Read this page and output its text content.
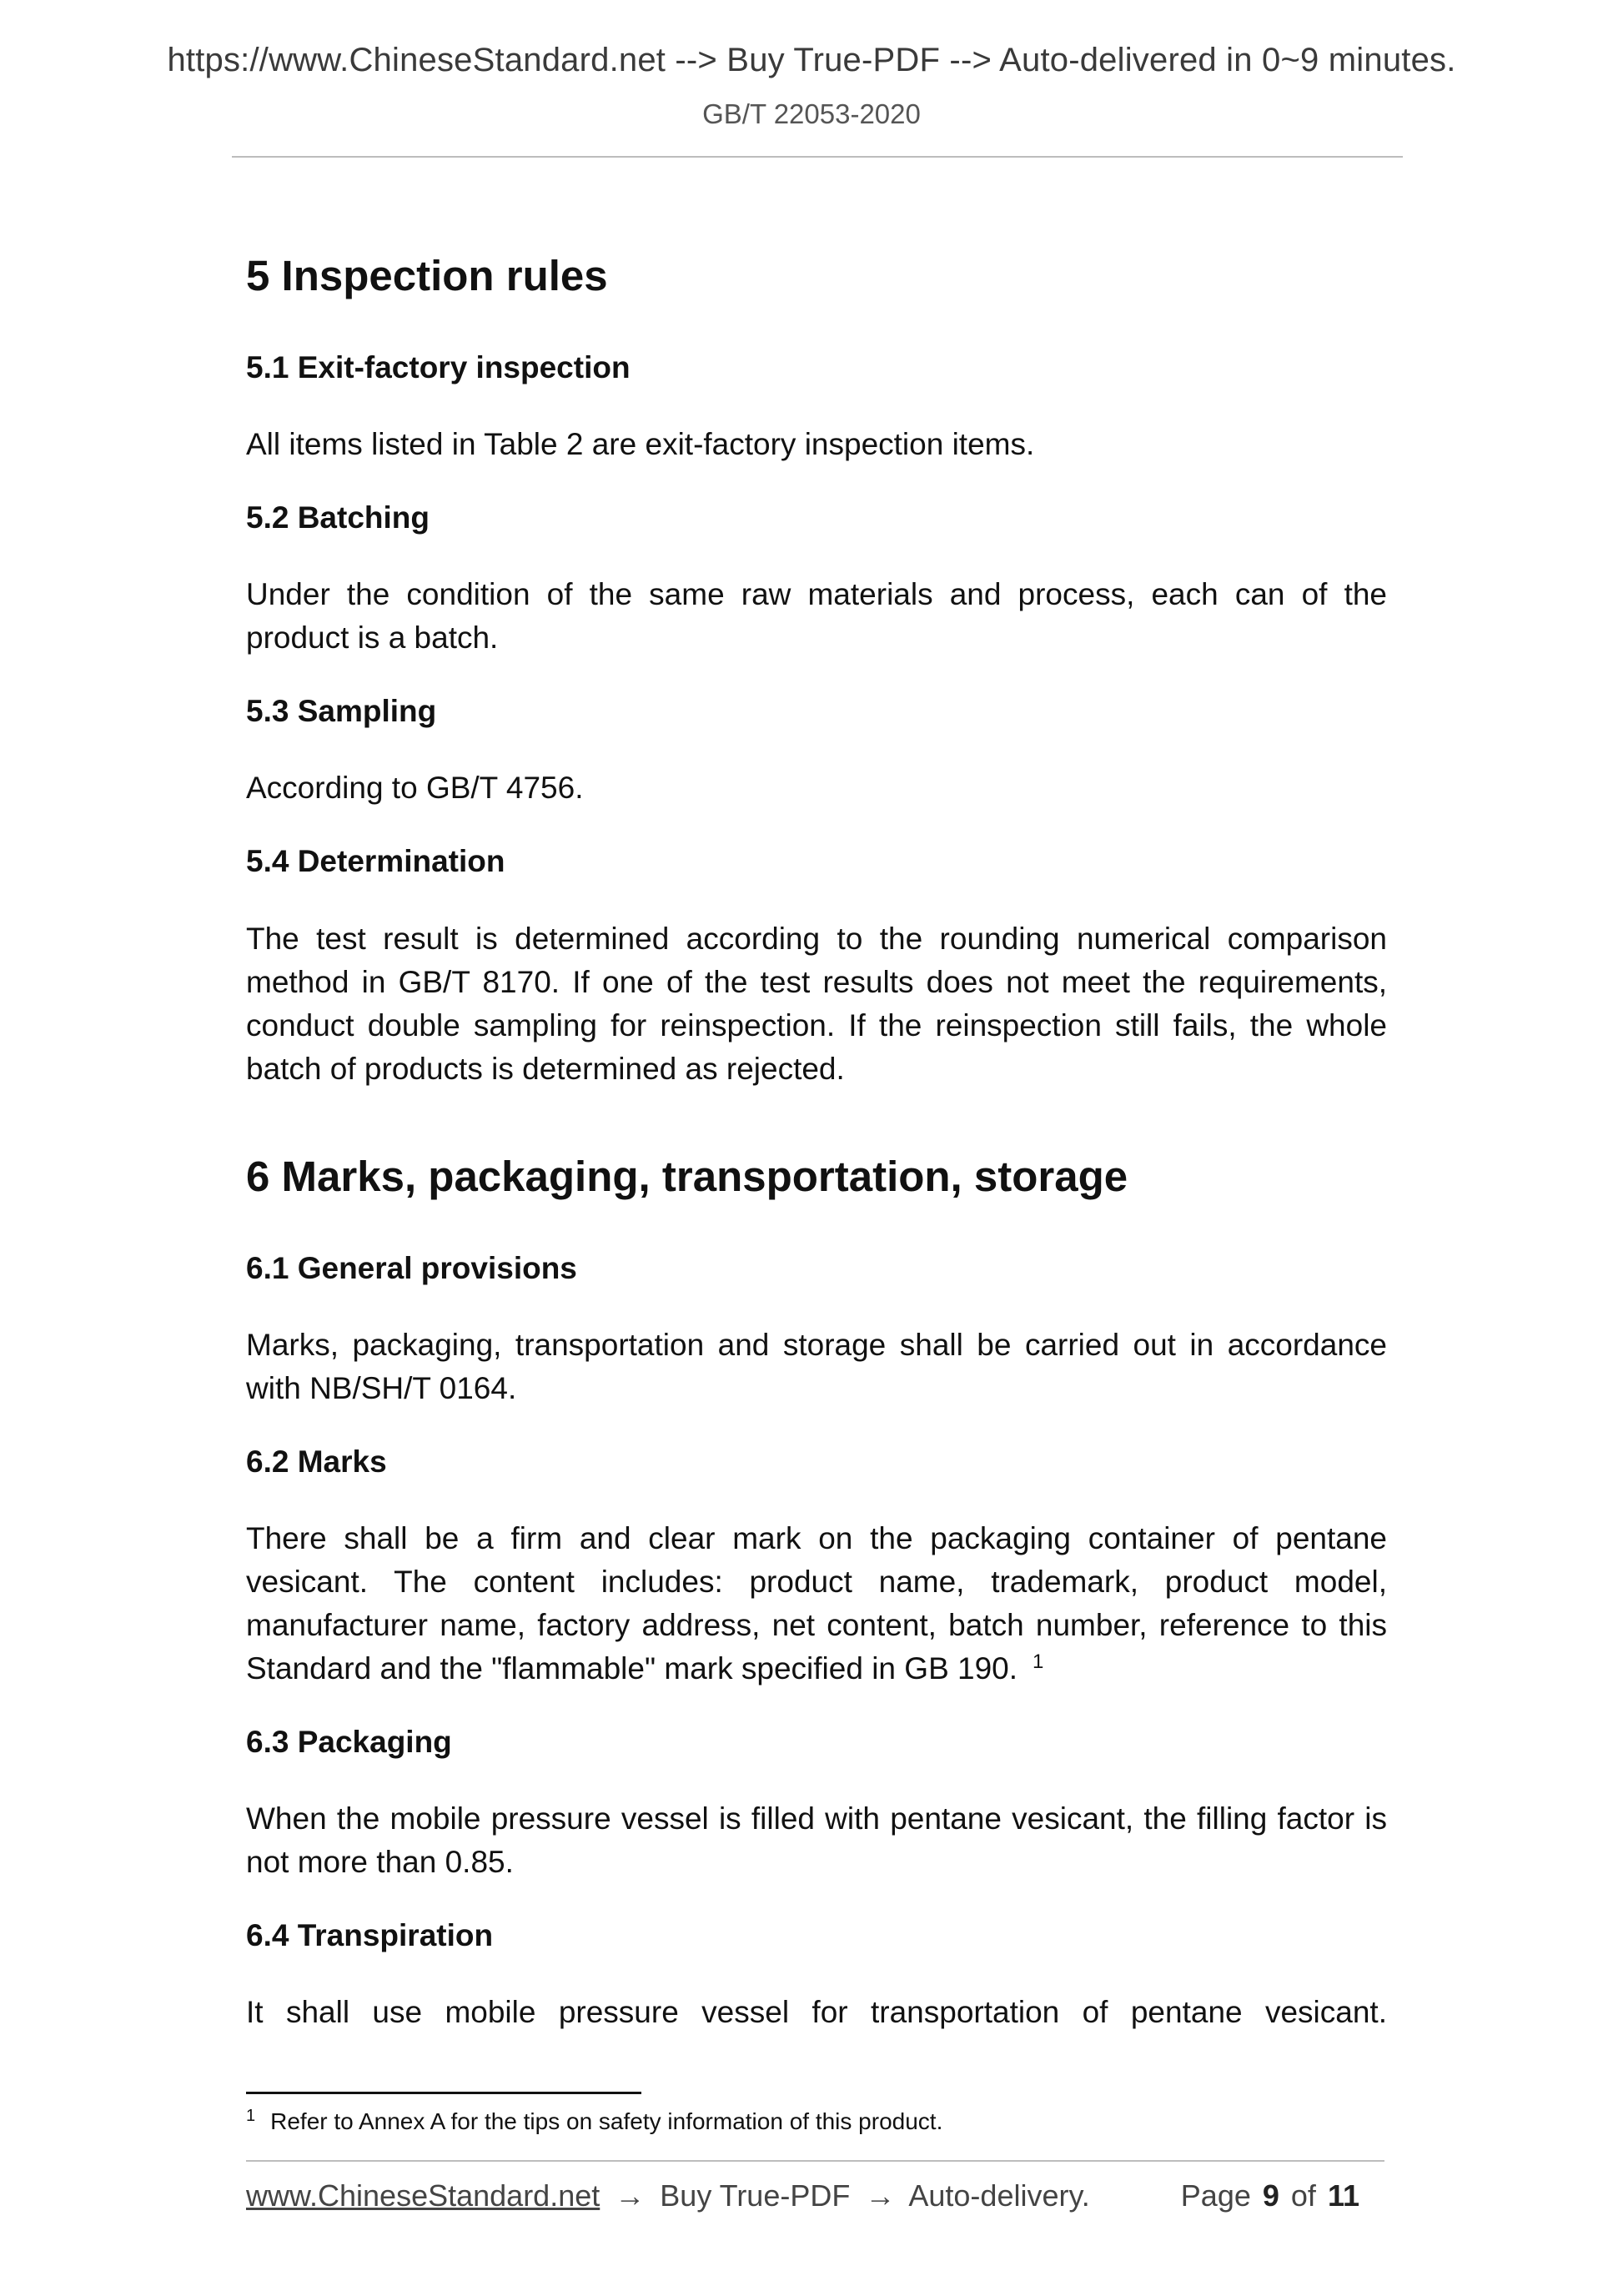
https://www.ChineseStandard.net --> Buy True-PDF --> Auto-delivered in 0~9 minutes.
GB/T 22053-2020
5 Inspection rules
5.1 Exit-factory inspection

All items listed in Table 2 are exit-factory inspection items.

5.2 Batching

Under the condition of the same raw materials and process, each can of the product is a batch.

5.3 Sampling

According to GB/T 4756.

5.4 Determination

The test result is determined according to the rounding numerical comparison method in GB/T 8170. If one of the test results does not meet the requirements, conduct double sampling for reinspection. If the reinspection still fails, the whole batch of products is determined as rejected.

6 Marks, packaging, transportation, storage
6.1 General provisions

Marks, packaging, transportation and storage shall be carried out in accordance with NB/SH/T 0164.

6.2 Marks

There shall be a firm and clear mark on the packaging container of pentane vesicant. The content includes: product name, trademark, product model, manufacturer name, factory address, net content, batch number, reference to this Standard and the "flammable" mark specified in GB 190. $^1$

6.3 Packaging

When the mobile pressure vessel is filled with pentane vesicant, the filling factor is not more than 0.85.

6.4 Transpiration

It shall use mobile pressure vessel for transportation of pentane vesicant.

$^1$ Refer to Annex A for the tips on safety information of this product.
www.ChineseStandard.net → Buy True-PDF → Auto-delivery.	Page 9 of 11
